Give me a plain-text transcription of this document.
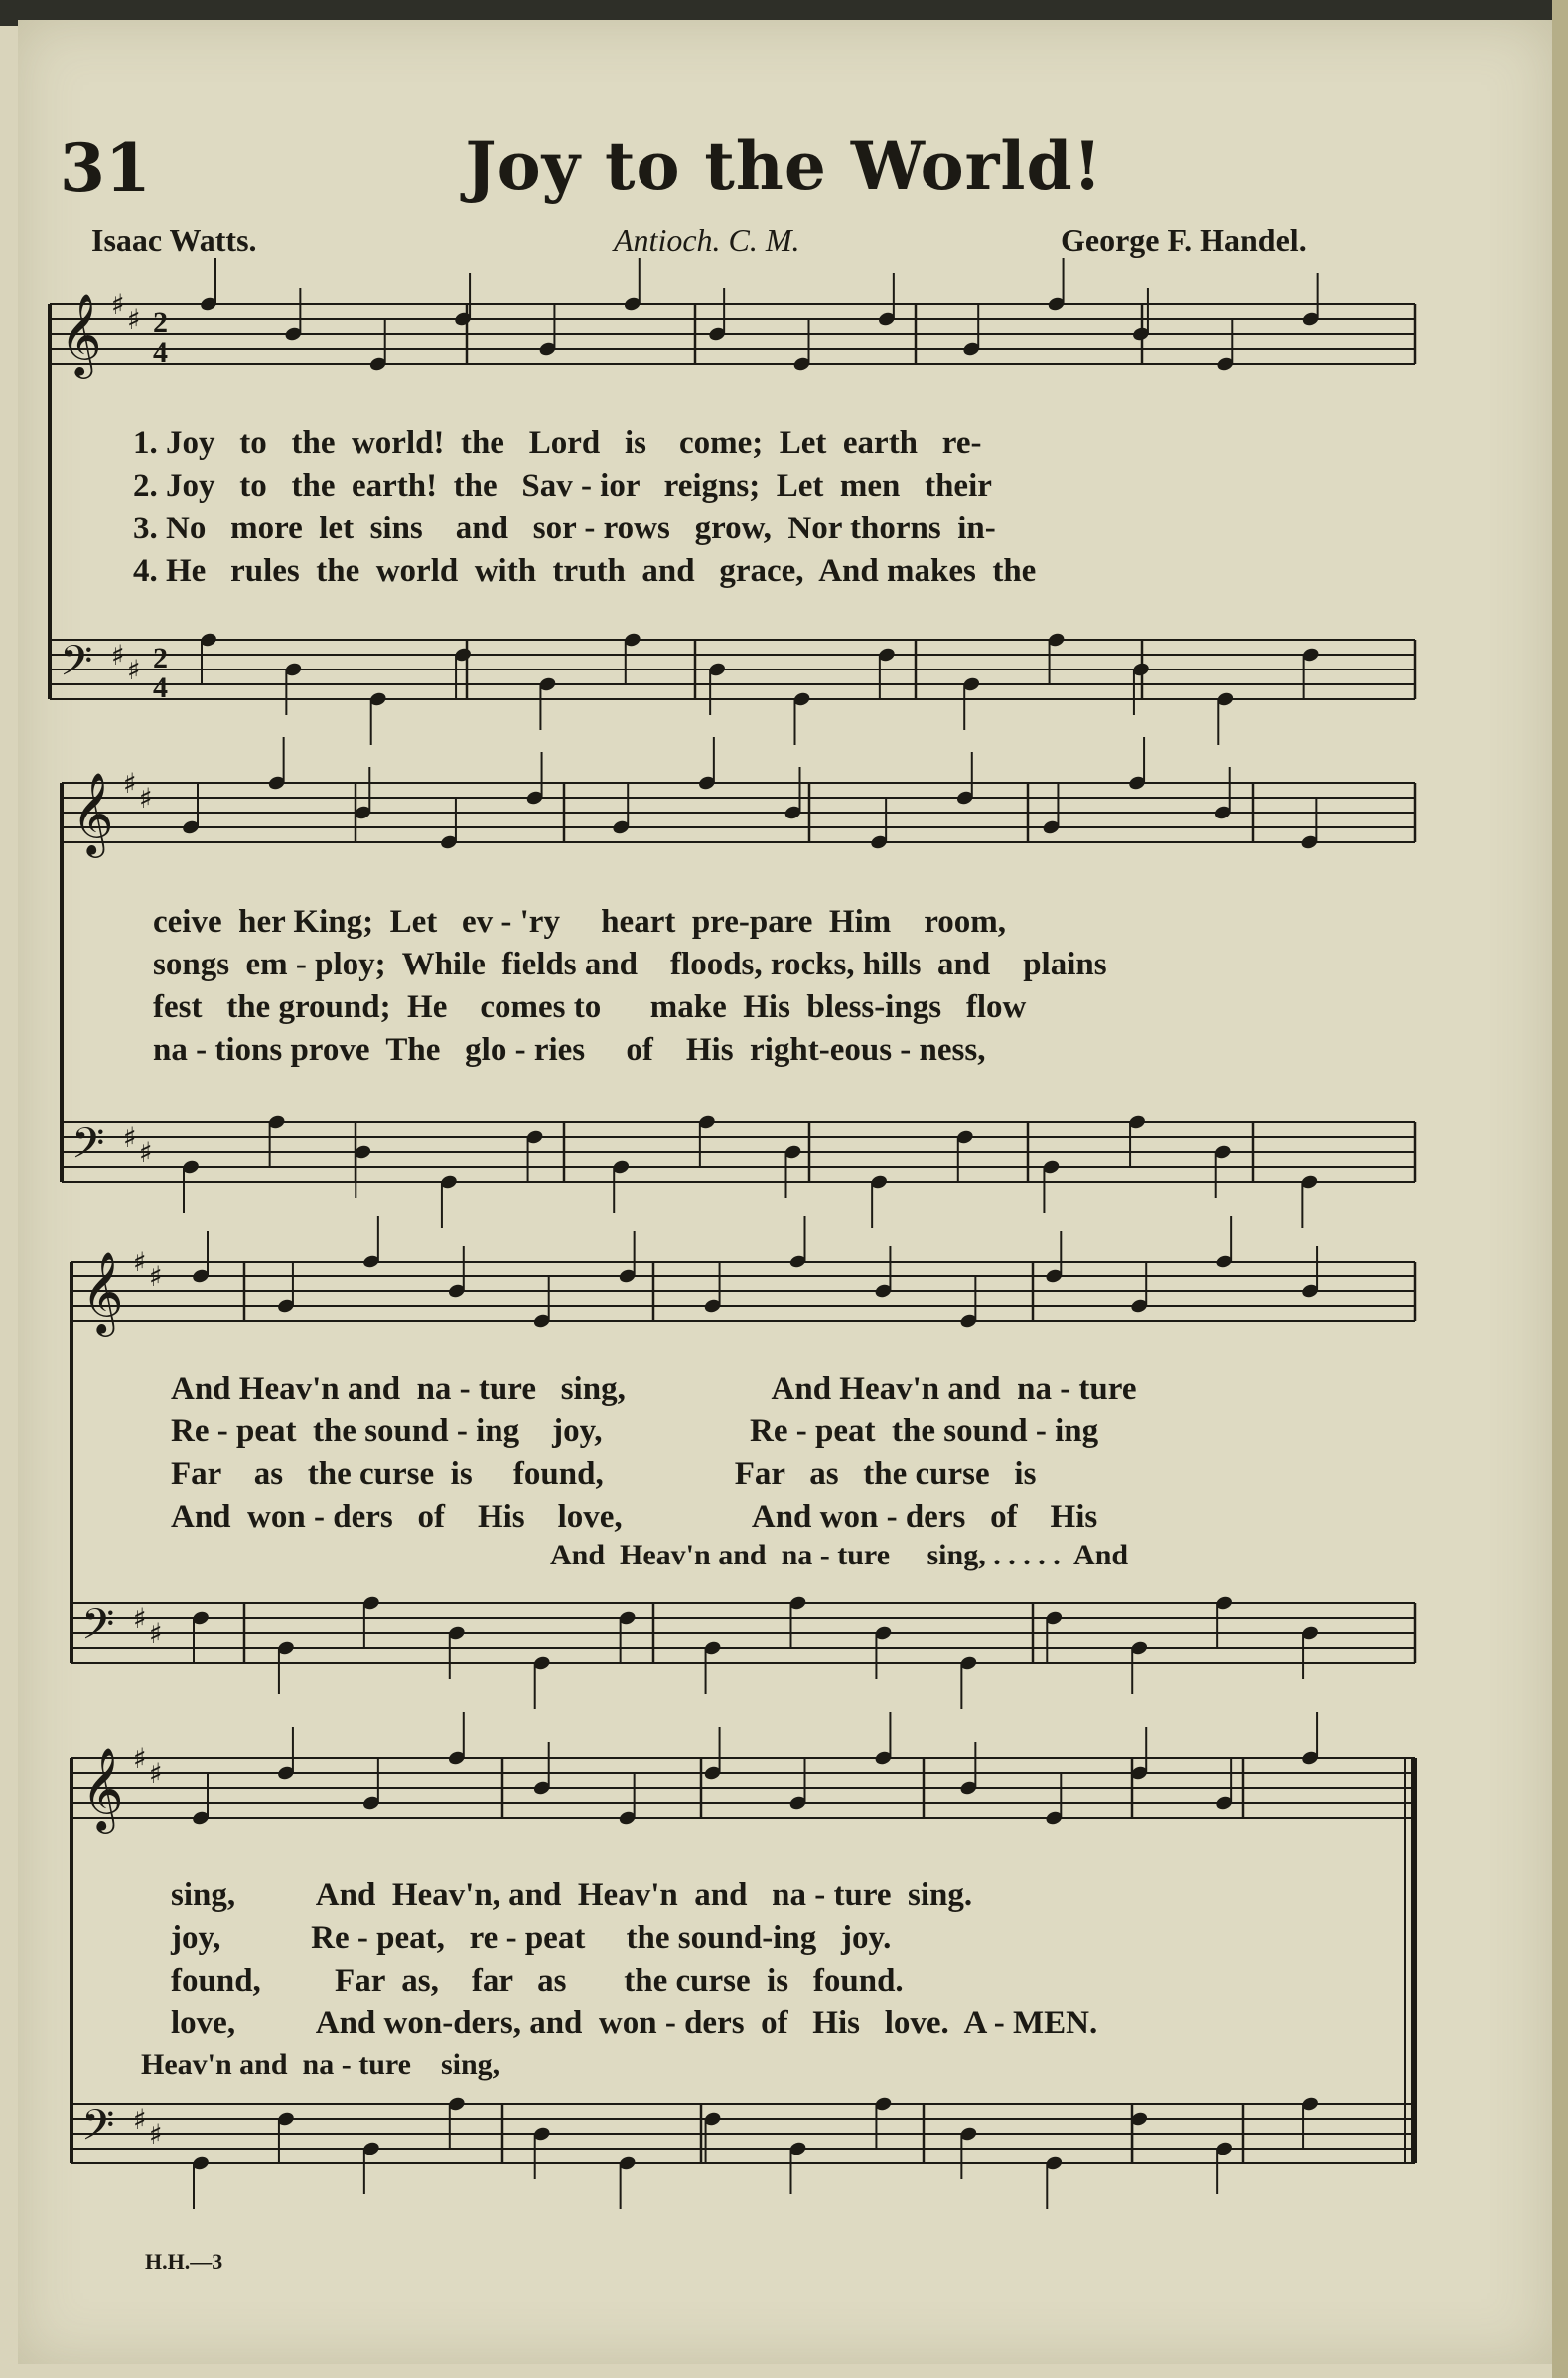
31	Joy to the World!
Isaac Watts.	Antioch. C. M.	George F. Handel.
𝄞 ♯ ♯ 2
4
𝄢 ♯ ♯ 2
4
𝄞 ♯ ♯
𝄢 ♯ ♯
𝄞 ♯ ♯
𝄢 ♯ ♯
𝄞 ♯ ♯
𝄢 ♯ ♯
1. Joy   to   the  world!  the   Lord   is    come;  Let  earth   re-
2. Joy   to   the  earth!  the   Sav - ior   reigns;  Let  men   their
3. No   more  let  sins    and   sor - rows   grow,  Nor thorns  in-
4. He   rules  the  world  with  truth  and   grace,  And makes  the
ceive  her King;  Let   ev - 'ry     heart  pre-pare  Him    room,
songs  em - ploy;  While  fields and    floods, rocks, hills  and    plains
fest   the ground;  He    comes to      make  His  bless-ings   flow
na - tions prove  The   glo - ries     of    His  right-eous - ness,
And Heav'n and  na - ture   sing,                  And Heav'n and  na - ture
Re - peat  the sound - ing    joy,                  Re - peat  the sound - ing
Far    as   the curse  is     found,                Far   as   the curse   is
And  won - ders   of    His    love,                And won - ders   of    His
And  Heav'n and  na - ture     sing, . . . . .  And
sing,          And  Heav'n, and  Heav'n  and   na - ture  sing.
joy,           Re - peat,   re - peat     the sound-ing   joy.
found,         Far  as,    far   as       the curse  is   found.
love,          And won-ders, and  won - ders  of   His   love.  A - MEN.
Heav'n and  na - ture    sing,
H.H.—3
